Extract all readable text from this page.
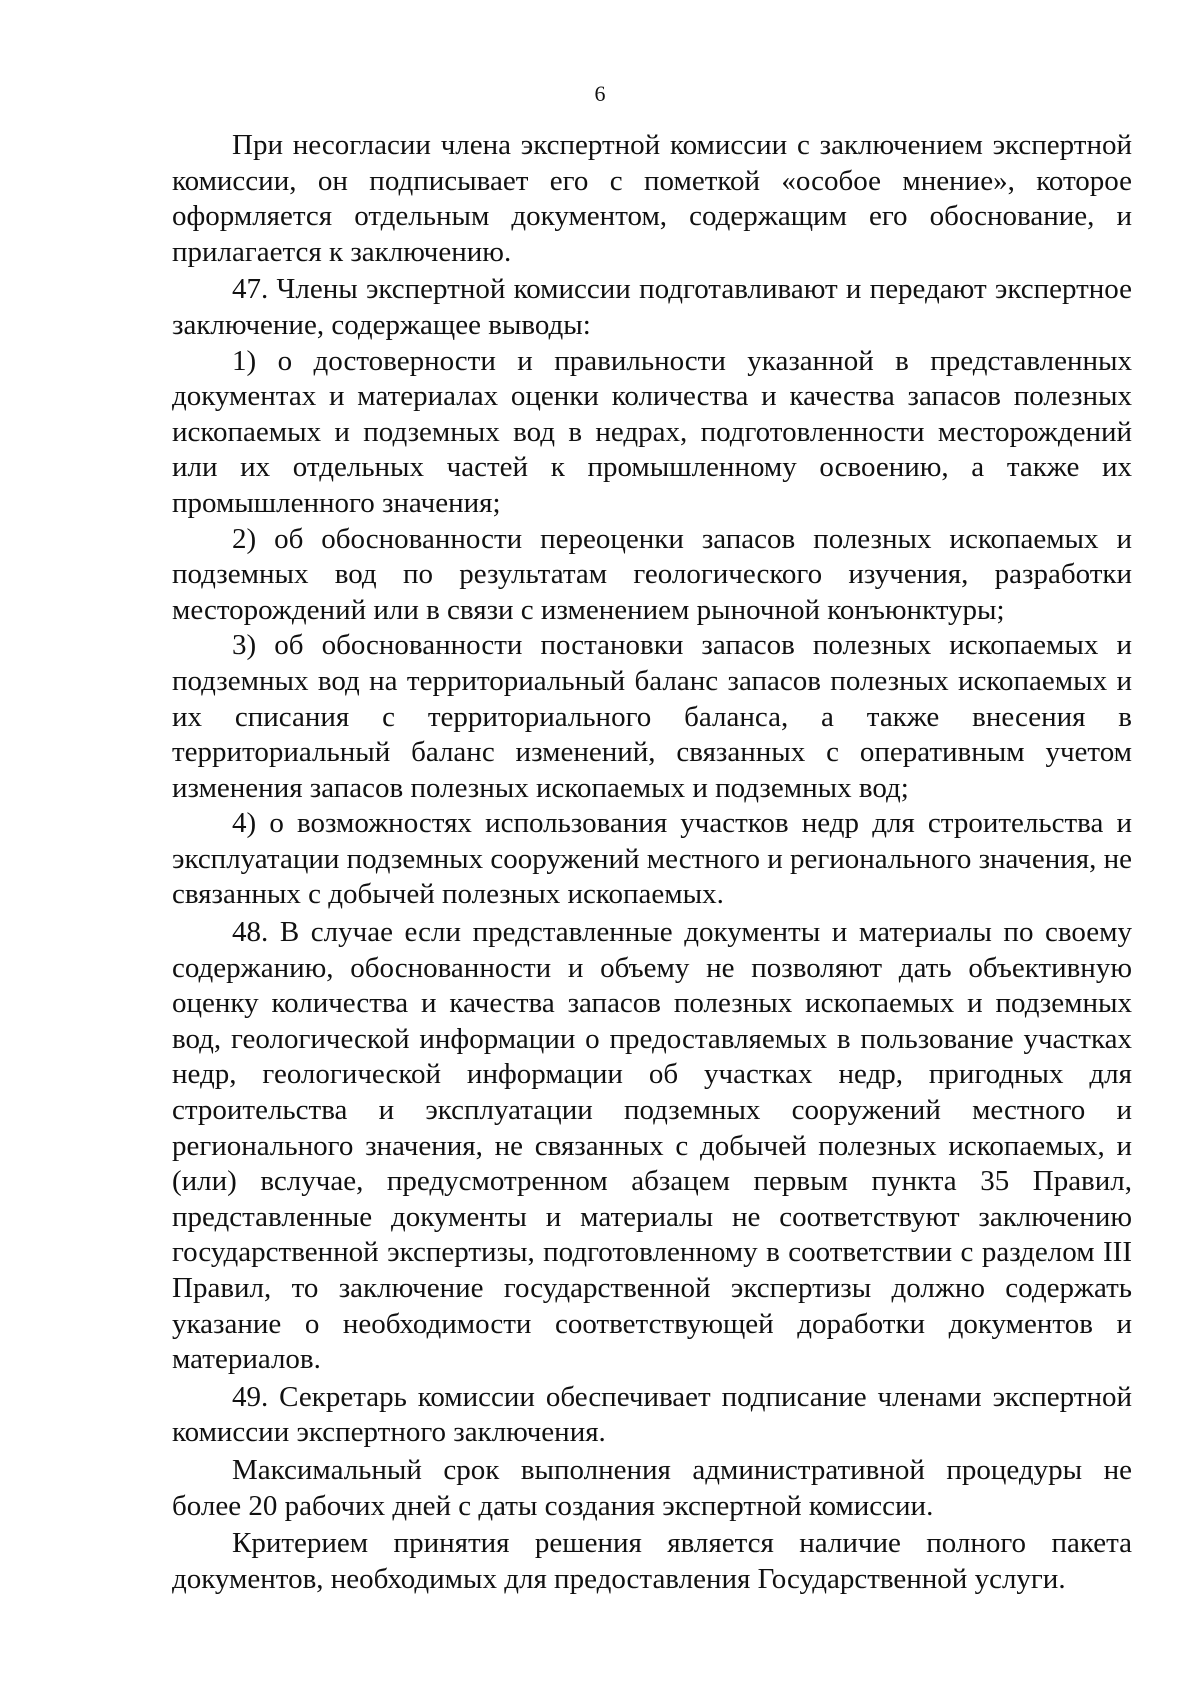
6

При несогласии члена экспертной комиссии с заключением экспертной комиссии, он подписывает его с пометкой «особое мнение», которое оформляется отдельным документом, содержащим его обоснование, и прилагается к заключению.

47. Члены экспертной комиссии подготавливают и передают экспертное заключение, содержащее выводы:

1) о достоверности и правильности указанной в представленных документах и материалах оценки количества и качества запасов полезных ископаемых и подземных вод в недрах, подготовленности месторождений или их отдельных частей к промышленному освоению, а также их промышленного значения;

2) об обоснованности переоценки запасов полезных ископаемых и подземных вод по результатам геологического изучения, разработки месторождений или в связи с изменением рыночной конъюнктуры;

3) об обоснованности постановки запасов полезных ископаемых и подземных вод на территориальный баланс запасов полезных ископаемых и их списания с территориального баланса, а также внесения в территориальный баланс изменений, связанных с оперативным учетом изменения запасов полезных ископаемых и подземных вод;

4) о возможностях использования участков недр для строительства и эксплуатации подземных сооружений местного и регионального значения, не связанных с добычей полезных ископаемых.

48. В случае если представленные документы и материалы по своему содержанию, обоснованности и объему не позволяют дать объективную оценку количества и качества запасов полезных ископаемых и подземных вод, геологической информации о предоставляемых в пользование участках недр, геологической информации об участках недр, пригодных для строительства и эксплуатации подземных сооружений местного и регионального значения, не связанных с добычей полезных ископаемых, и (или) вслучае, предусмотренном абзацем первым пункта 35 Правил, представленные документы и материалы не соответствуют заключению государственной экспертизы, подготовленному в соответствии с разделом III Правил, то заключение государственной экспертизы должно содержать указание о необходимости соответствующей доработки документов и материалов.

49. Секретарь комиссии обеспечивает подписание членами экспертной комиссии экспертного заключения.

Максимальный срок выполнения административной процедуры не более 20 рабочих дней с даты создания экспертной комиссии.

Критерием принятия решения является наличие полного пакета документов, необходимых для предоставления Государственной услуги.
